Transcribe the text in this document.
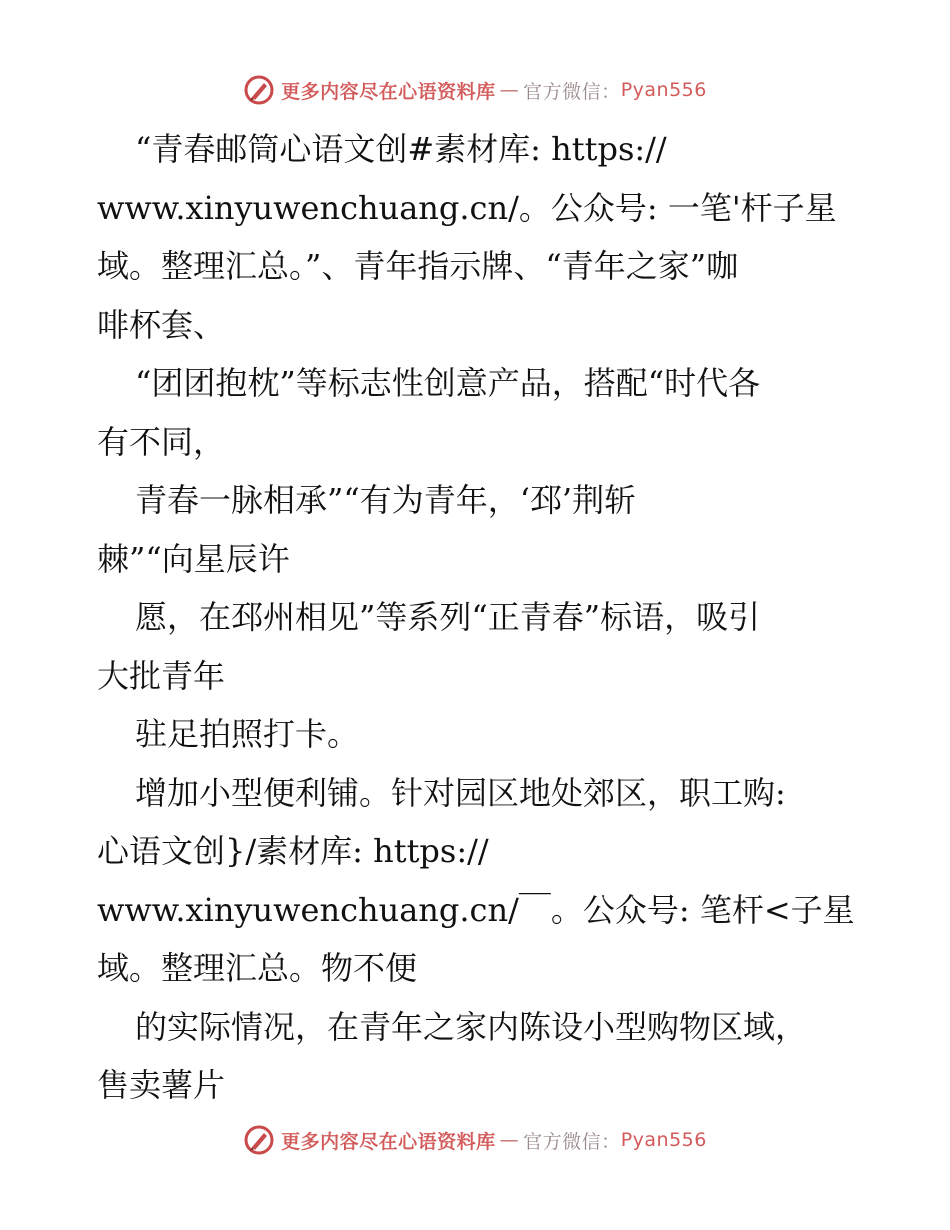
更多内容尽在心语资料库 — 官方微信： Pyan556
“青春邮筒心语文创#素材库: https://
www.xinyuwenchuang.cn/。公众号: 一笔'杆子星
域。整理汇总。”、青年指示牌、“青年之家”咖
啡杯套、
“团团抱枕”等标志性创意产品，搭配“时代各
有不同，
青春一脉相承”“有为青年，‘邳’荆斩
棘”“向星辰许
愿，在邳州相见”等系列“正青春”标语，吸引
大批青年
驻足拍照打卡。
增加小型便利铺。针对园区地处郊区，职工购:
心语文创}/素材库: https://
www.xinyuwenchuang.cn/￣。公众号: 笔杆<子星
域。整理汇总。物不便
的实际情况，在青年之家内陈设小型购物区域，
售卖薯片
更多内容尽在心语资料库 — 官方微信： Pyan556
